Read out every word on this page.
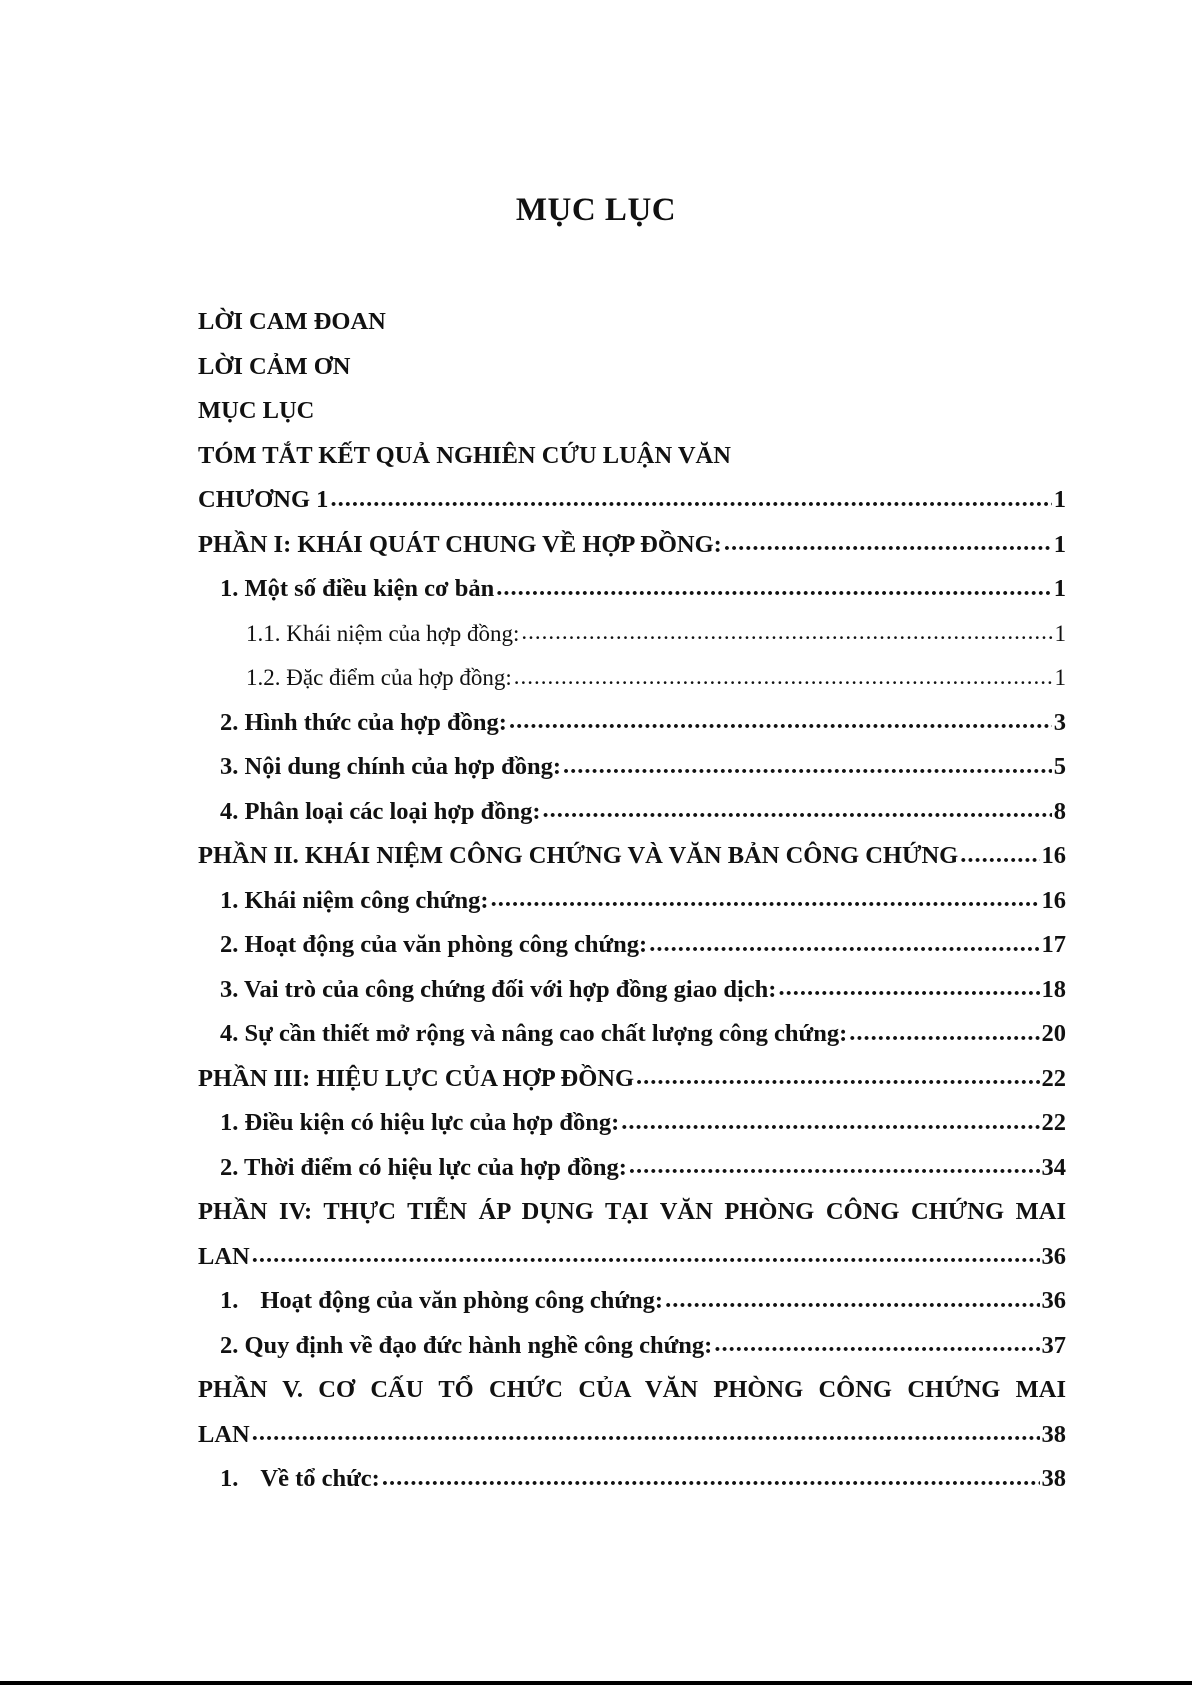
MỤC LỤC
LỜI CAM ĐOAN
LỜI CẢM ƠN
MỤC LỤC
TÓM TẮT KẾT QUẢ NGHIÊN CỨU LUẬN VĂN
CHƯƠNG 1 .....	1
PHẦN I: KHÁI QUÁT CHUNG VỀ HỢP ĐỒNG: .....	1
1. Một số điều kiện cơ bản .....	1
1.1. Khái niệm của hợp đồng: .....	1
1.2. Đặc điểm của hợp đồng: .....	1
2. Hình thức của hợp đồng: .....	3
3. Nội dung chính của hợp đồng: .....	5
4. Phân loại các loại hợp đồng: .....	8
PHẦN II. KHÁI NIỆM CÔNG CHỨNG VÀ VĂN BẢN CÔNG CHỨNG .....	16
1. Khái niệm công chứng: .....	16
2. Hoạt động của văn phòng công chứng: .....	17
3. Vai trò của công chứng đối với hợp đồng giao dịch: .....	18
4. Sự cần thiết mở rộng và nâng cao chất lượng công chứng: .....	20
PHẦN III: HIỆU LỰC CỦA HỢP ĐỒNG .....	22
1. Điều kiện có hiệu lực của hợp đồng: .....	22
2. Thời điểm có hiệu lực của hợp đồng: .....	34
PHẦN IV: THỰC TIỄN ÁP DỤNG TẠI VĂN PHÒNG CÔNG CHỨNG MAI
LAN .....	36
1. Hoạt động của văn phòng công chứng: .....	36
2. Quy định về đạo đức hành nghề công chứng: .....	37
PHẦN V. CƠ CẤU TỔ CHỨC CỦA VĂN PHÒNG CÔNG CHỨNG MAI
LAN .....	38
1. Về tổ chức: .....	38
